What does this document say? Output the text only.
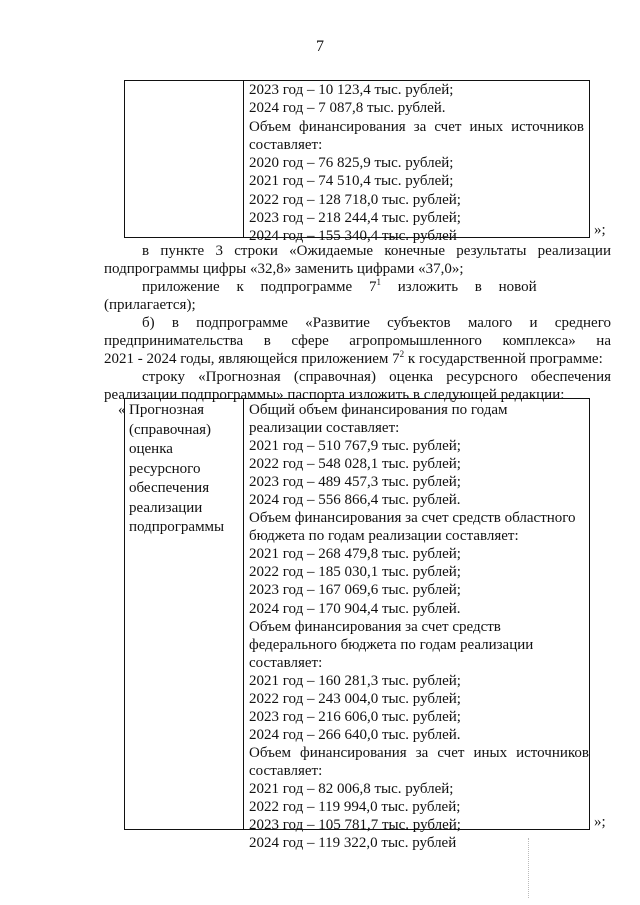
7
2023 год – 10 123,4 тыс. рублей;
2024 год – 7 087,8 тыс. рублей.
Объем финансирования за счет иных источников
составляет:
2020 год – 76 825,9 тыс. рублей;
2021 год – 74 510,4 тыс. рублей;
2022 год – 128 718,0 тыс. рублей;
2023 год – 218 244,4 тыс. рублей;
2024 год – 155 340,4 тыс. рублей	»;
в пункте 3 строки «Ожидаемые конечные результаты реализации
подпрограммы цифры «32,8» заменить цифрами «37,0»;
приложение к подпрограмме $7^1$ изложить в новой
(прилагается);
б) в подпрограмме «Развитие субъектов малого и среднего
предпринимательства в сфере агропромышленного комплекса» на
2021 - 2024 годы, являющейся приложением $7^2$ к государственной программе:
строку «Прогнозная (справочная) оценка ресурсного обеспечения
реализации подпрограммы» паспорта изложить в следующей редакции:
« Прогнозная
(справочная)
оценка
ресурсного
обеспечения
реализации
подпрограммы
Общий объем финансирования по годам
реализации составляет:
2021 год – 510 767,9 тыс. рублей;
2022 год – 548 028,1 тыс. рублей;
2023 год – 489 457,3 тыс. рублей;
2024 год – 556 866,4 тыс. рублей.
Объем финансирования за счет средств областного
бюджета по годам реализации составляет:
2021 год – 268 479,8 тыс. рублей;
2022 год – 185 030,1 тыс. рублей;
2023 год – 167 069,6 тыс. рублей;
2024 год – 170 904,4 тыс. рублей.
Объем финансирования за счет средств
федерального бюджета по годам реализации
составляет:
2021 год – 160 281,3 тыс. рублей;
2022 год – 243 004,0 тыс. рублей;
2023 год – 216 606,0 тыс. рублей;
2024 год – 266 640,0 тыс. рублей.
Объем финансирования за счет иных источников
составляет:
2021 год – 82 006,8 тыс. рублей;
2022 год – 119 994,0 тыс. рублей;
2023 год – 105 781,7 тыс. рублей;
2024 год – 119 322,0 тыс. рублей
»;
